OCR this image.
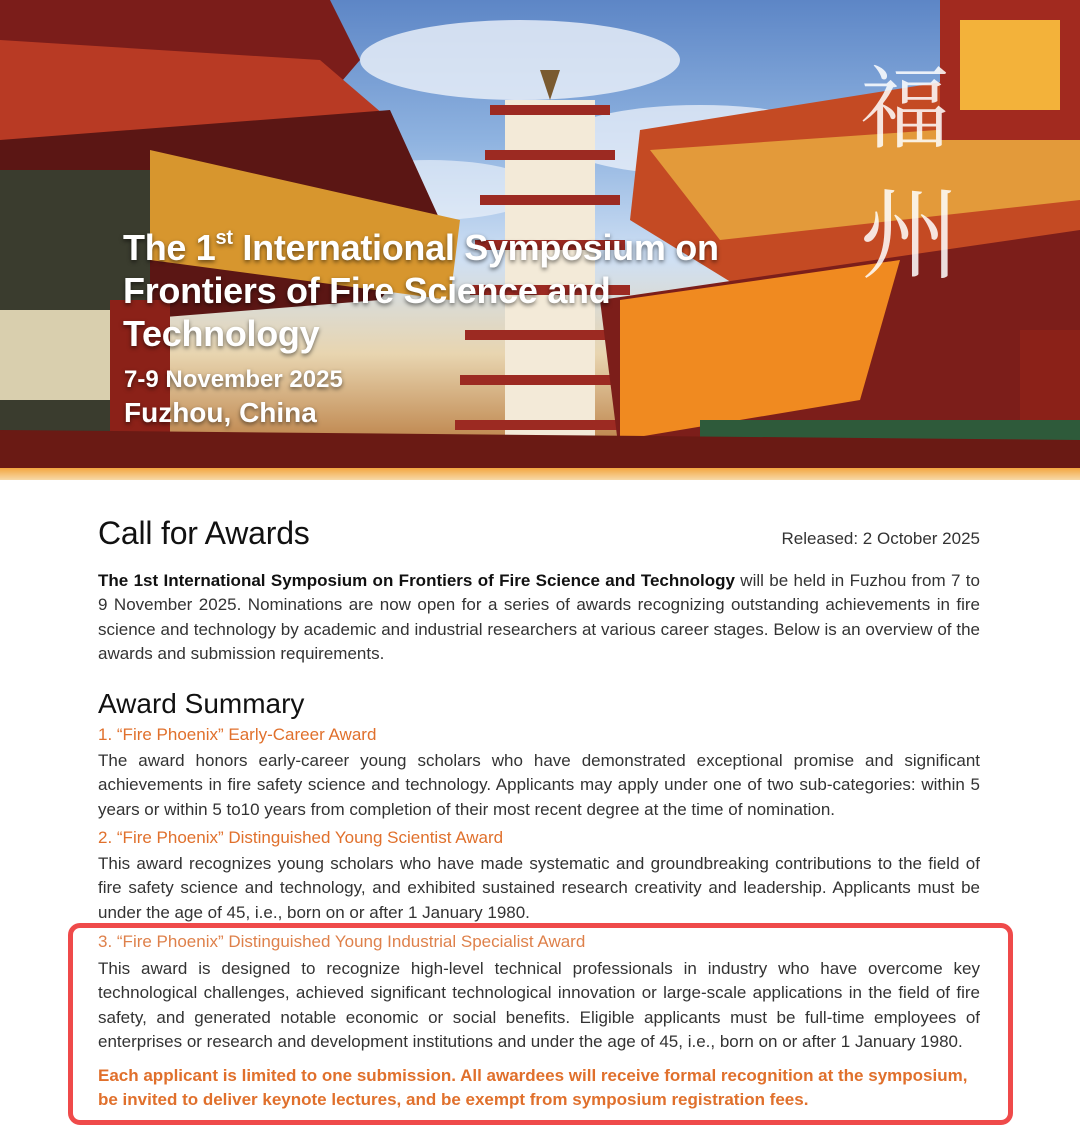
福
州
The 1st International Symposium on Frontiers of Fire Science and Technology

7-9 November 2025

Fuzhou, China

Call for Awards	Released: 2 October 2025

The 1st International Symposium on Frontiers of Fire Science and Technology will be held in Fuzhou from 7 to 9 November 2025. Nominations are now open for a series of awards recognizing outstanding achievements in fire science and technology by academic and industrial researchers at various career stages. Below is an overview of the awards and submission requirements.

Award Summary

1. “Fire Phoenix” Early-Career Award

The award honors early-career young scholars who have demonstrated exceptional promise and significant achievements in fire safety science and technology. Applicants may apply under one of two sub-categories: within 5 years or within 5 to10 years from completion of their most recent degree at the time of nomination.

2. “Fire Phoenix” Distinguished Young Scientist Award

This award recognizes young scholars who have made systematic and groundbreaking contributions to the field of fire safety science and technology, and exhibited sustained research creativity and leadership. Applicants must be under the age of 45, i.e., born on or after 1 January 1980.

3. “Fire Phoenix” Distinguished Young Industrial Specialist Award

This award is designed to recognize high-level technical professionals in industry who have overcome key technological challenges, achieved significant technological innovation or large-scale applications in the field of fire safety, and generated notable economic or social benefits. Eligible applicants must be full-time employees of enterprises or research and development institutions and under the age of 45, i.e., born on or after 1 January 1980.

Each applicant is limited to one submission. All awardees will receive formal recognition at the symposium, be invited to deliver keynote lectures, and be exempt from symposium registration fees.
